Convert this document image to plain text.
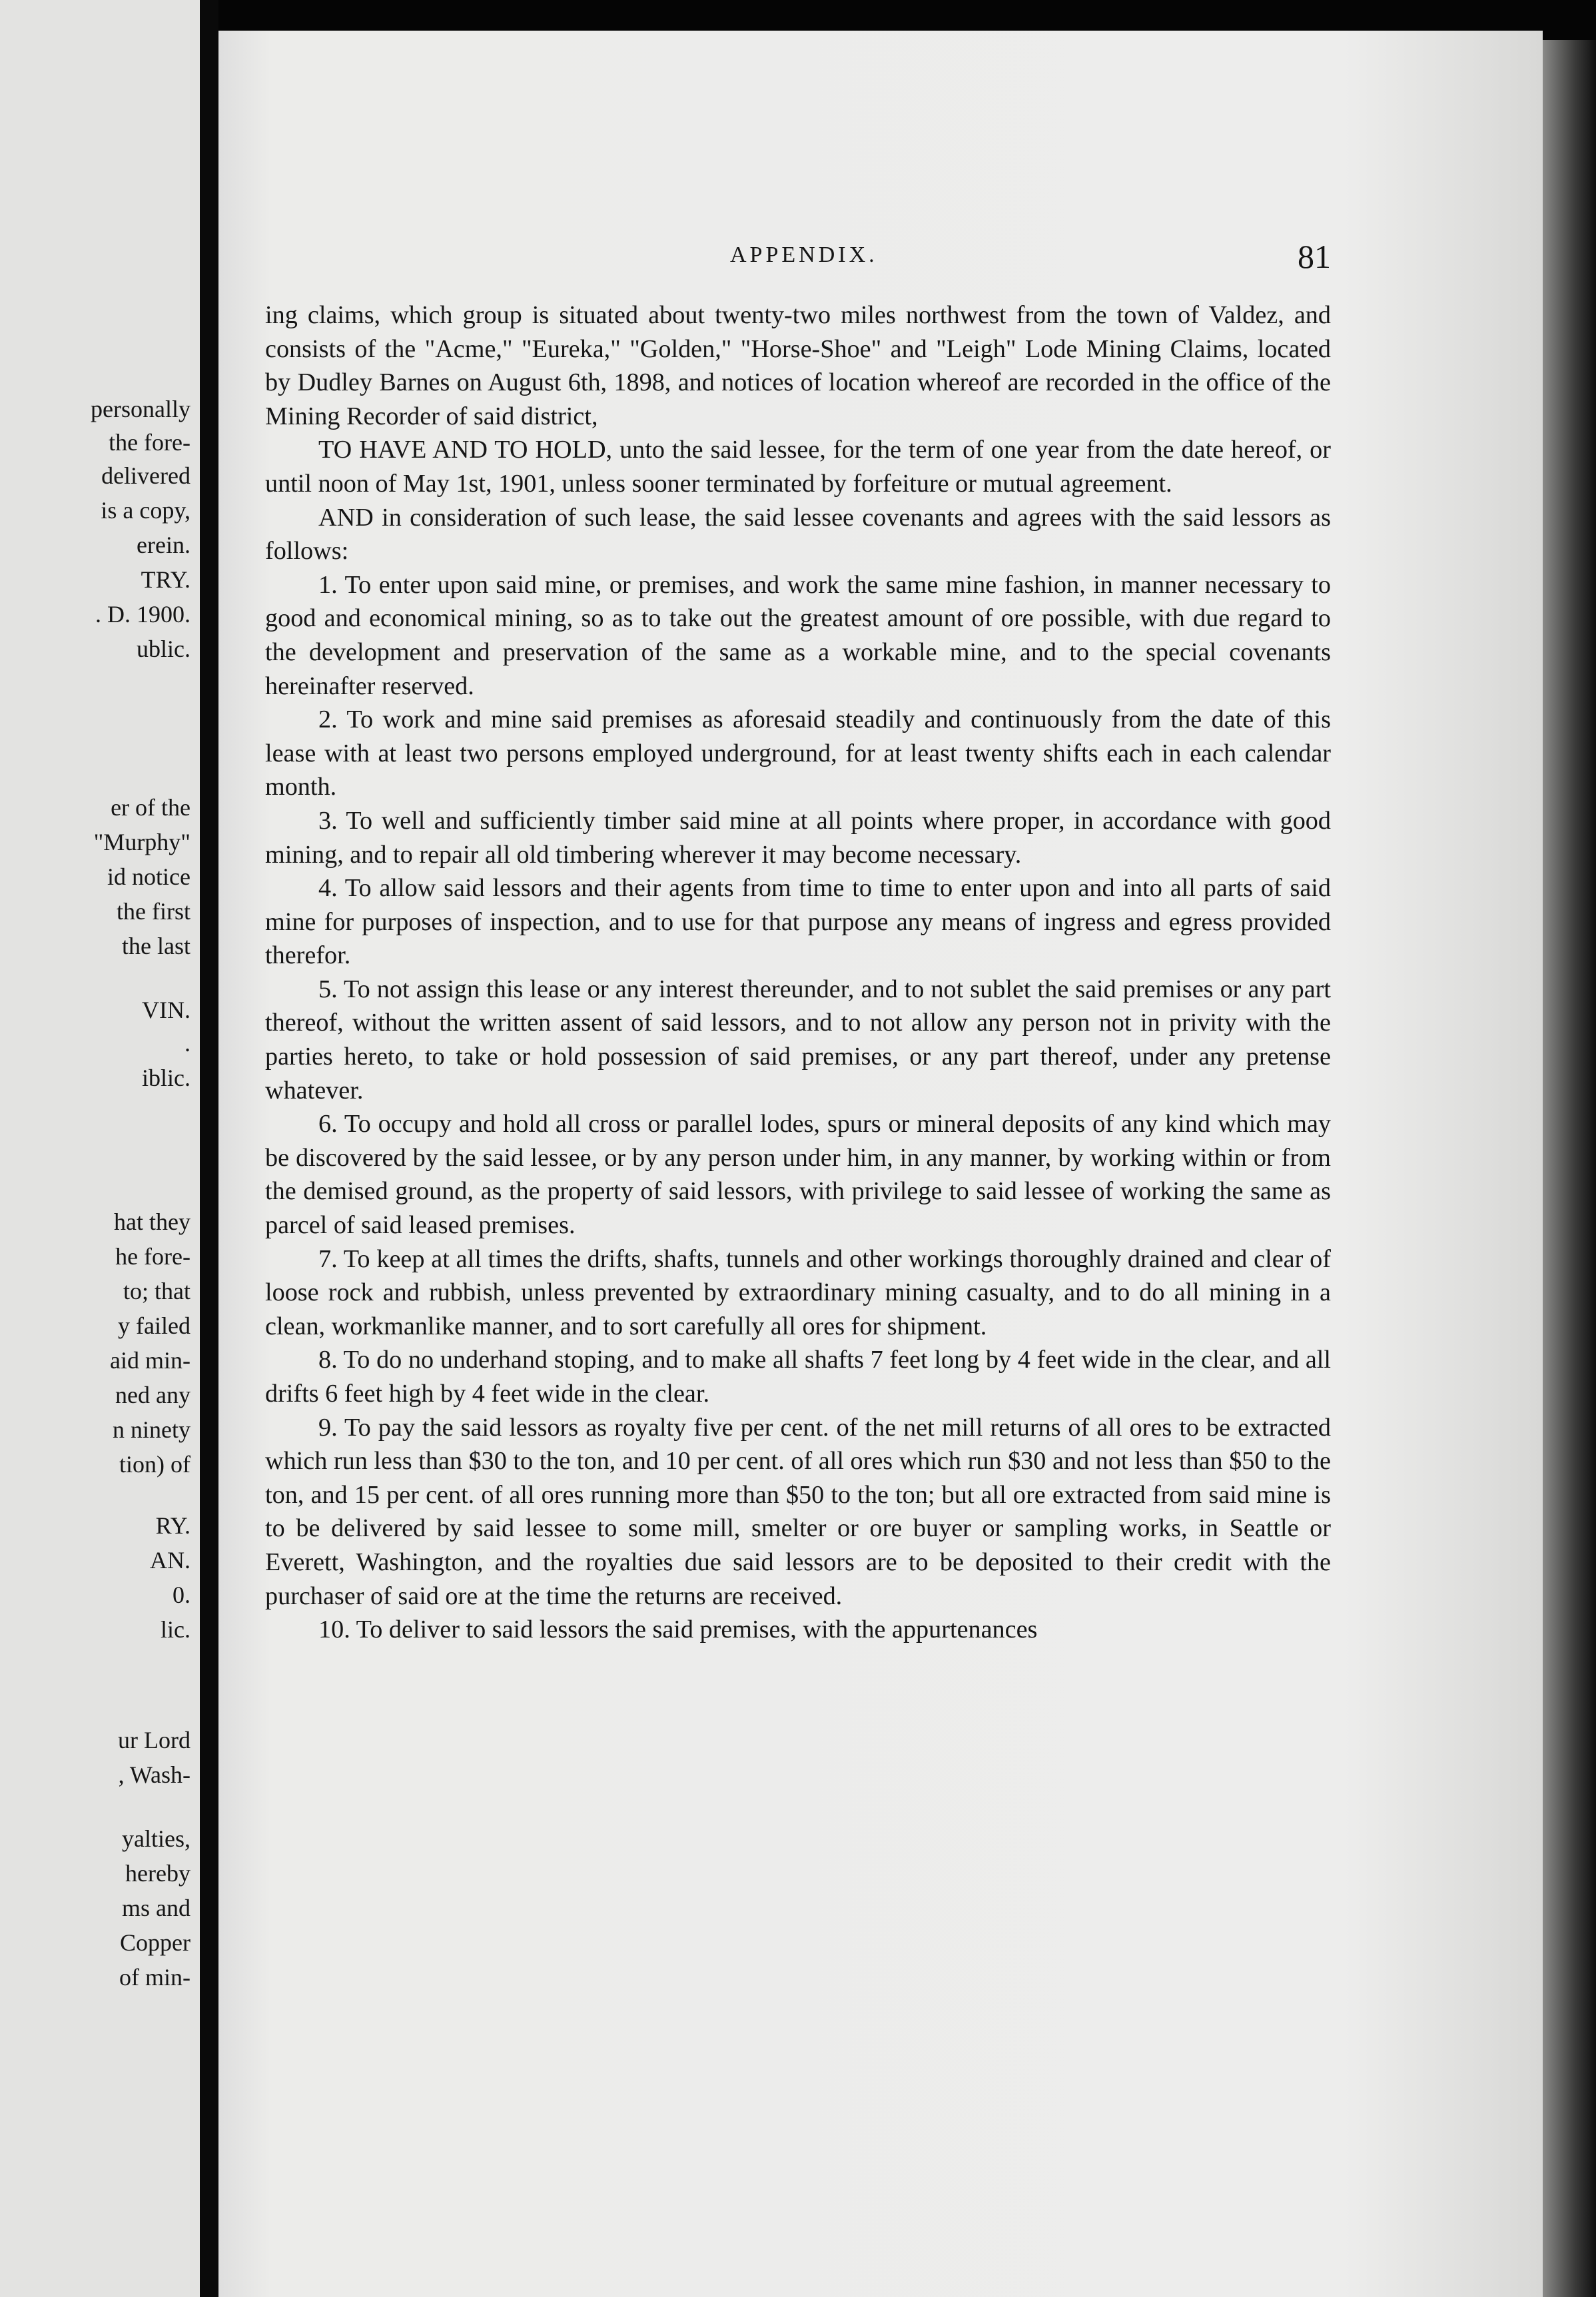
personally
the fore-
delivered
is a copy,
erein.
TRY.
. D. 1900.
ublic.
er of the
"Murphy"
id notice
the first
the last
VIN.
.
iblic.
hat they
he fore-
to; that
y failed
aid min-
ned any
n ninety
tion) of
RY.
AN.
0.
lic.
ur Lord
, Wash-
yalties,
hereby
ms and
Copper
of min-
APPENDIX.	81

ing claims, which group is situated about twenty-two miles northwest from the town of Valdez, and consists of the "Acme," "Eureka," "Golden," "Horse-Shoe" and "Leigh" Lode Mining Claims, located by Dudley Barnes on August 6th, 1898, and notices of location whereof are recorded in the office of the Mining Recorder of said district,

TO HAVE AND TO HOLD, unto the said lessee, for the term of one year from the date hereof, or until noon of May 1st, 1901, unless sooner terminated by forfeiture or mutual agreement.

AND in consideration of such lease, the said lessee covenants and agrees with the said lessors as follows:

1. To enter upon said mine, or premises, and work the same mine fashion, in manner necessary to good and economical mining, so as to take out the greatest amount of ore possible, with due regard to the development and preservation of the same as a workable mine, and to the special covenants hereinafter reserved.

2. To work and mine said premises as aforesaid steadily and continuously from the date of this lease with at least two persons employed underground, for at least twenty shifts each in each calendar month.

3. To well and sufficiently timber said mine at all points where proper, in accordance with good mining, and to repair all old timbering wherever it may become necessary.

4. To allow said lessors and their agents from time to time to enter upon and into all parts of said mine for purposes of inspection, and to use for that purpose any means of ingress and egress provided therefor.

5. To not assign this lease or any interest thereunder, and to not sublet the said premises or any part thereof, without the written assent of said lessors, and to not allow any person not in privity with the parties hereto, to take or hold possession of said premises, or any part thereof, under any pretense whatever.

6. To occupy and hold all cross or parallel lodes, spurs or mineral deposits of any kind which may be discovered by the said lessee, or by any person under him, in any manner, by working within or from the demised ground, as the property of said lessors, with privilege to said lessee of working the same as parcel of said leased premises.

7. To keep at all times the drifts, shafts, tunnels and other workings thoroughly drained and clear of loose rock and rubbish, unless prevented by extraordinary mining casualty, and to do all mining in a clean, workmanlike manner, and to sort carefully all ores for shipment.

8. To do no underhand stoping, and to make all shafts 7 feet long by 4 feet wide in the clear, and all drifts 6 feet high by 4 feet wide in the clear.

9. To pay the said lessors as royalty five per cent. of the net mill returns of all ores to be extracted which run less than $30 to the ton, and 10 per cent. of all ores which run $30 and not less than $50 to the ton, and 15 per cent. of all ores running more than $50 to the ton; but all ore extracted from said mine is to be delivered by said lessee to some mill, smelter or ore buyer or sampling works, in Seattle or Everett, Washington, and the royalties due said lessors are to be deposited to their credit with the purchaser of said ore at the time the returns are received.

10. To deliver to said lessors the said premises, with the appurtenances
